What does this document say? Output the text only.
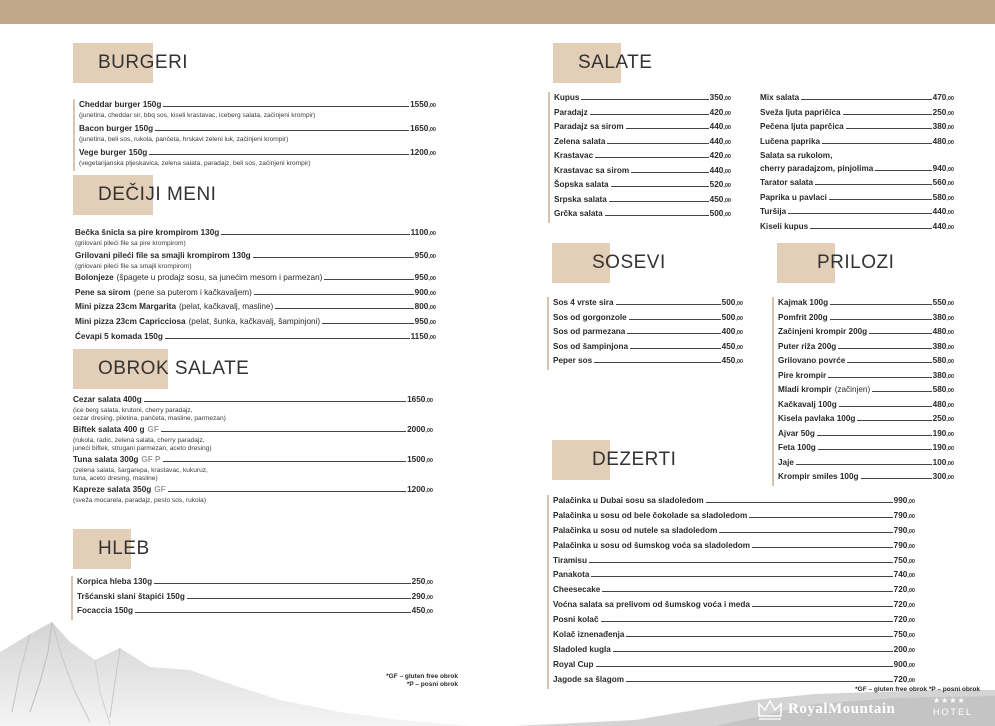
BURGERI
Cheddar burger 150g	1550,00
(junetina, cheddar sir, bbq sos, kiseli krastavac, iceberg salata, začinjeni krompir)
Bacon burger 150g	1650,00
(junetina, beli sos, rukola, pančeta, hrskavi zeleni luk, začinjeni krompir)
Vege burger 150g	1200,00
(vegetarijanska pljeskavica, zelena salata, paradajz, beli sos, začinjeni krompir)
DEČIJI MENI
Bečka šnicla sa pire krompirom 130g	1100,00
(grilovani pileći file sa pire krompirom)
Grilovani pileći file sa smajli krompirom 130g	950,00
(grilovani pileći file sa smajli krompirom)
Bolonjeze (špagete u prodajz sosu, sa junećim mesom i parmezan)	950,00
Pene sa sirom (pene sa puterom i kačkavaljem)	900,00
Mini pizza 23cm Margarita (pelat, kačkavalj, masline)	800,00
Mini pizza 23cm Capricciosa (pelat, šunka, kačkavalj, šampinjoni)	950,00
Ćevapi 5 komada 150g	1150,00
OBROK SALATE
Cezar salata 400g	1650,00
(ice berg salata, krutoni, cherry paradajz,
cezar dresing, piletina, pančeta, masline, parmezan)
Biftek salata 400 g GF	2000,00
(rukola, radic, zelena salata, cherry paradajz,
juneći biftek, strugani parmezan, aceto dresing)
Tuna salata 300g GF P	1500,00
(zelena salata, šargarepa, krastavac, kukuruz,
tuna, aceto dresing, masline)
Kapreze salata 350g GF	1200,00
(sveža mocarela, paradajz, pesto sos, rukola)
HLEB
Korpica hleba 130g	250,00
Tršćanski slani štapići 150g	290,00
Focaccia 150g	450,00
SALATE
Kupus	350,00
Paradajz	420,00
Paradajz sa sirom	440,00
Zelena salata	440,00
Krastavac	420,00
Krastavac sa sirom	440,00
Šopska salata	520,00
Srpska salata	450,00
Grčka salata	500,00
Mix salata	470,00
Sveža ljuta papričica	250,00
Pečena ljuta paprčica	380,00
Lučena paprika	480,00
Salata sa rukolom,
cherry paradajzom, pinjolima	940,00
Tarator salata	560,00
Paprika u pavlaci	580,00
Turšija	440,00
Kiseli kupus	440,00
SOSEVI
Sos 4 vrste sira	500,00
Sos od gorgonzole	500,00
Sos od parmezana	400,00
Sos od šampinjona	450,00
Peper sos	450,00
PRILOZI
Kajmak 100g	550,00
Pomfrit 200g	380,00
Začinjeni krompir 200g	480,00
Puter riža 200g	380,00
Grilovano povrće	580,00
Pire krompir	380,00
Mladi krompir (začinjen)	580,00
Kačkavalj 100g	480,00
Kisela pavlaka 100g	250,00
Ajvar 50g	190,00
Feta 100g	190,00
Jaje	100,00
Krompir smiles 100g	300,00
DEZERTI
Palačinka u Dubai sosu sa sladoledom	990,00
Palačinka u sosu od bele čokolade sa sladoledom	790,00
Palačinka u sosu od nutele sa sladoledom	790,00
Palačinka u sosu od šumskog voća sa sladoledom	790,00
Tiramisu	750,00
Panakota	740,00
Cheesecake	720,00
Voćna salata sa prelivom od šumskog voća i meda	720,00
Posni kolač	720,00
Kolač iznenađenja	750,00
Sladoled kugla	200,00
Royal Cup	900,00
Jagode sa šlagom	720,00
*GF – gluten free obrok
*P – posni obrok
*GF – gluten free obrok *P – posni obrok
RoyalMountain
★★★★
HOTEL
